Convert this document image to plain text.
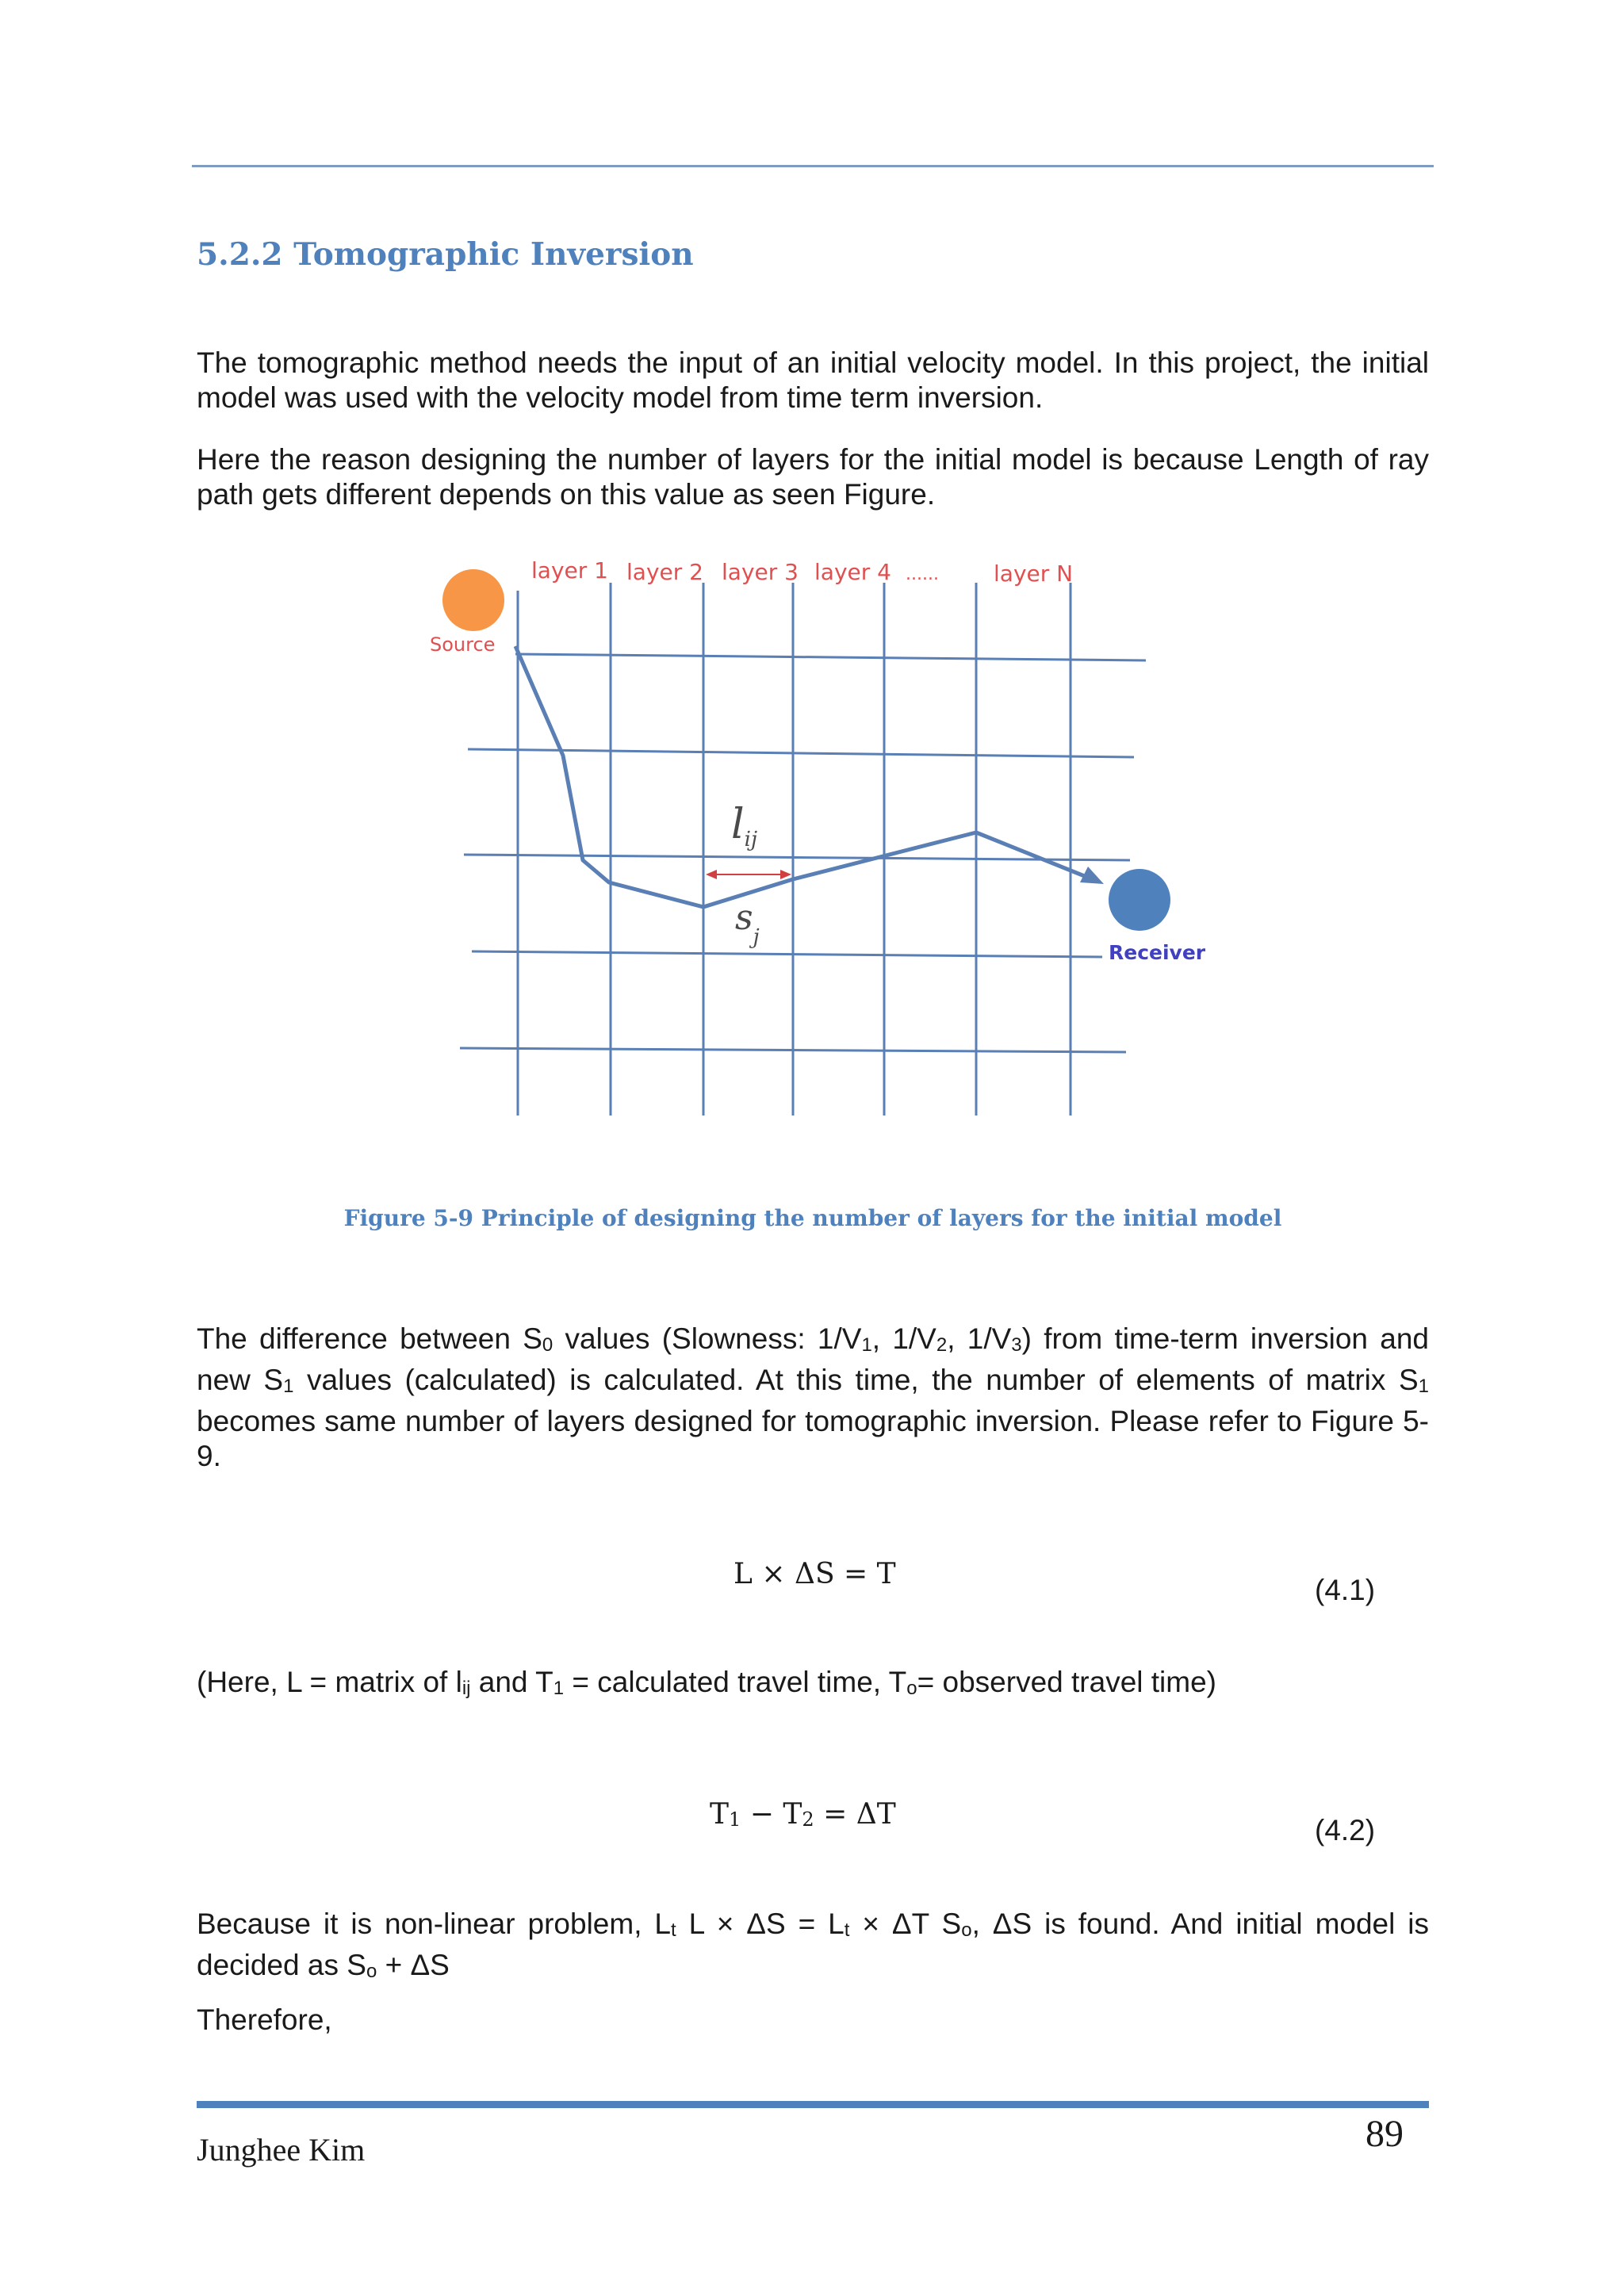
5.2.2 Tomographic Inversion

The tomographic method needs the input of an initial velocity model. In this project, the initial model was used with the velocity model from time term inversion.

Here the reason designing the number of layers for the initial model is because Length of ray path gets different depends on this value as seen Figure.

layer 1 layer 2 layer 3 layer 4 ...... layer N
Source
Receiver
lij
$s_j$
Figure 5-9 Principle of designing the number of layers for the initial model

The difference between $S_0$ values (Slowness: $1/V_1$, $1/V_2$, $1/V_3$) from time-term inversion and new $S_1$ values (calculated) is calculated. At this time, the number of elements of matrix $S_1$ becomes same number of layers designed for tomographic inversion. Please refer to Figure 5-9.

L × ΔS = T	(4.1)

(Here, L = matrix of $l_{ij}$ and $T_1$ = calculated travel time, $T_o=$ observed travel time)

$T_1 - T_2 = \Delta T$	(4.2)

Because it is non-linear problem, $L_t$ $L \times \Delta S = L_t \times \Delta T$ $S_o$, ΔS is found. And initial model is decided as $S_o + \Delta S$

Therefore,

Junghee Kim	89
